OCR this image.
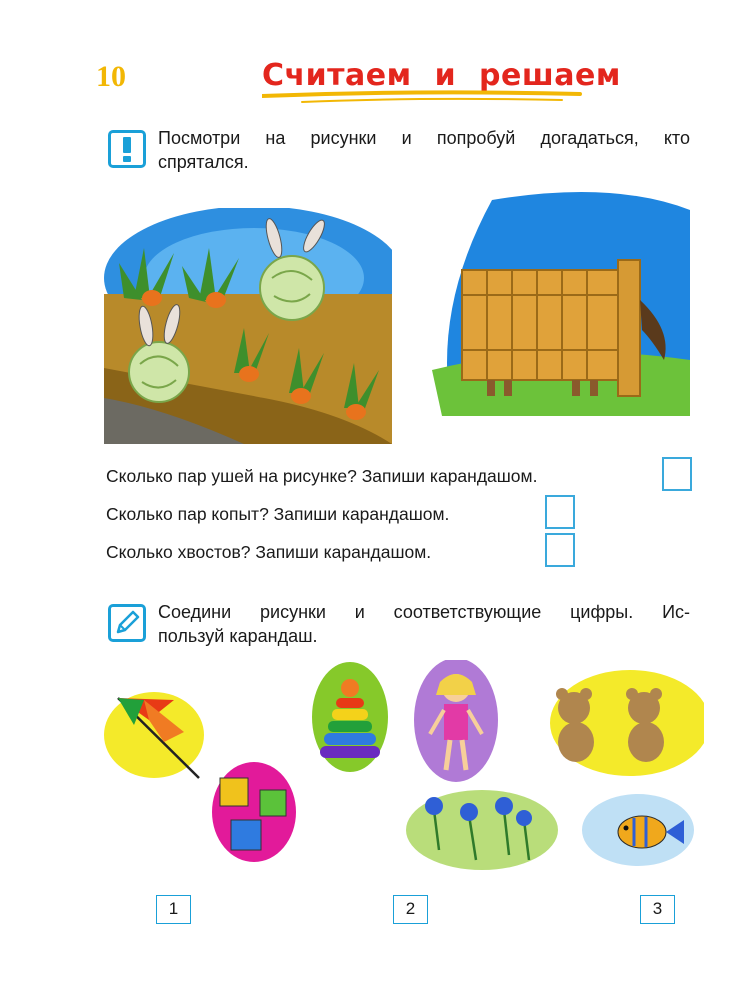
10	Считаем и решаем
Посмотри на рисунки и попробуй догадаться, кто
спрятался.
Сколько пар ушей на рисунке? Запиши карандашом.
Сколько пар копыт? Запиши карандашом.
Сколько хвостов? Запиши карандашом.
Соедини рисунки и соответствующие цифры. Ис-
пользуй карандаш.
1	2	3
